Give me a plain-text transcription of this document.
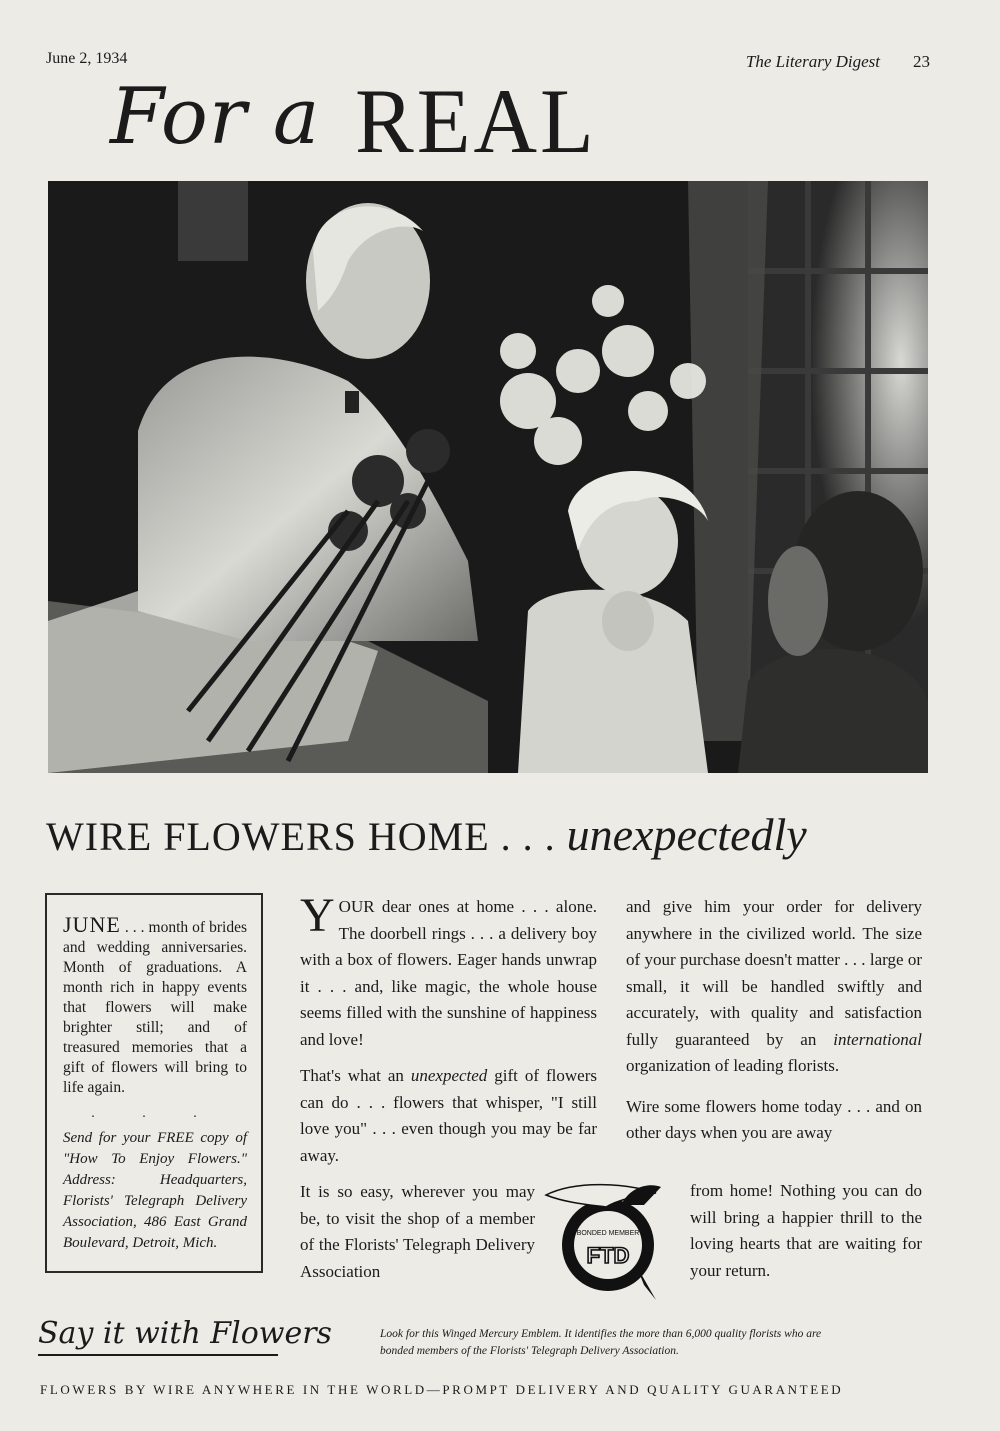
June 2, 1934	The Literary Digest 23
For a REAL
WIRE FLOWERS HOME . . . unexpectedly

JUNE . . . month of brides and wedding anniversaries. Month of graduations. A month rich in happy events that flowers will make brighter still; and of treasured memories that a gift of flowers will bring to life again.

. . .

Send for your FREE copy of "How To Enjoy Flowers." Address: Headquarters, Florists' Telegraph Delivery Association, 486 East Grand Boulevard, Detroit, Mich.

YOUR dear ones at home . . . alone. The doorbell rings . . . a delivery boy with a box of flowers. Eager hands unwrap it . . . and, like magic, the whole house seems filled with the sunshine of happiness and love!

That's what an unexpected gift of flowers can do . . . flowers that whisper, "I still love you" . . . even though you may be far away.

It is so easy, wherever you may be, to visit the shop of a member of the Florists' Telegraph Delivery Association

and give him your order for delivery anywhere in the civilized world. The size of your purchase doesn't matter . . . large or small, it will be handled swiftly and accurately, with quality and satisfaction fully guaranteed by an international organization of leading florists.

Wire some flowers home today . . . and on other days when you are away

BONDED MEMBER
FTD
from home! Nothing you can do will bring a happier thrill to the loving hearts that are waiting for your return.
Say it with Flowers	Look for this Winged Mercury Emblem. It identifies the more than 6,000 quality florists who are bonded members of the Florists' Telegraph Delivery Association.
FLOWERS BY WIRE ANYWHERE IN THE WORLD—PROMPT DELIVERY AND QUALITY GUARANTEED
